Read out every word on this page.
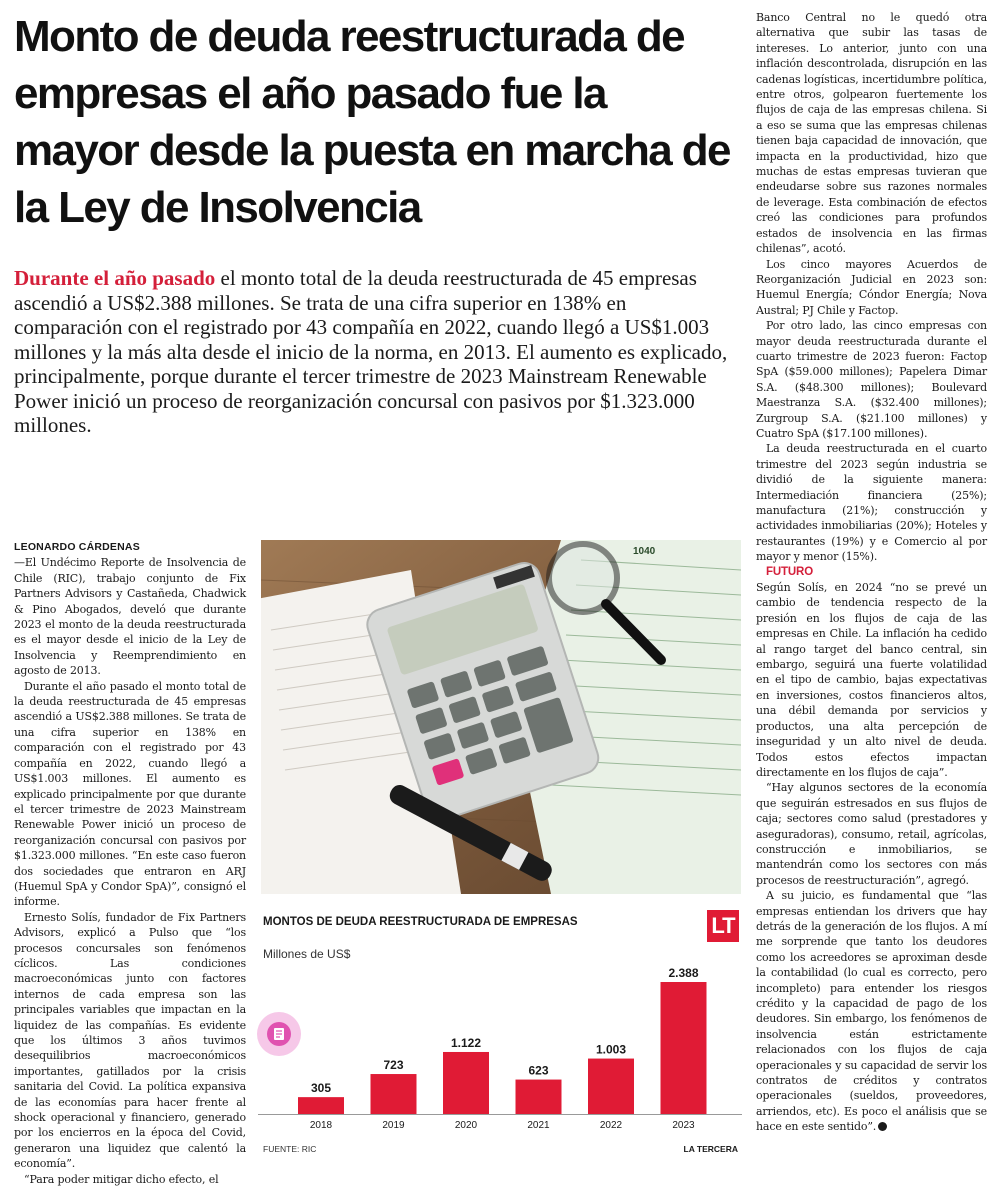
Monto de deuda reestructurada de empresas el año pasado fue la mayor desde la puesta en marcha de la Ley de Insolvencia

Durante el año pasado el monto total de la deuda reestructurada de 45 empresas ascendió a US$2.388 millones. Se trata de una cifra superior en 138% en comparación con el registrado por 43 compañía en 2022, cuando llegó a US$1.003 millones y la más alta desde el inicio de la norma, en 2013. El aumento es explicado, principalmente, porque durante el tercer trimestre de 2023 Mainstream Renewable Power inició un proceso de reorganización concursal con pasivos por $1.323.000 millones.

LEONARDO CÁRDENAS

—El Undécimo Reporte de Insolvencia de Chile (RIC), trabajo conjunto de Fix Partners Advisors y Castañeda, Chadwick & Pino Abogados, develó que durante 2023 el monto de la deuda reestructurada es el mayor desde el inicio de la Ley de Insolvencia y Reemprendimiento en agosto de 2013.

Durante el año pasado el monto total de la deuda reestructurada de 45 empresas ascendió a US$2.388 millones. Se trata de una cifra superior en 138% en comparación con el registrado por 43 compañía en 2022, cuando llegó a US$1.003 millones. El aumento es explicado principalmente por que durante el tercer trimestre de 2023 Mainstream Renewable Power inició un proceso de reorganización concursal con pasivos por $1.323.000 millones. “En este caso fueron dos sociedades que entraron en ARJ (Huemul SpA y Condor SpA)”, consignó el informe.

Ernesto Solís, fundador de Fix Partners Advisors, explicó a Pulso que “los procesos concursales son fenómenos cíclicos. Las condiciones macroeconómicas junto con factores internos de cada empresa son las principales variables que impactan en la liquidez de las compañías. Es evidente que los últimos 3 años tuvimos desequilibrios macroeconómicos importantes, gatillados por la crisis sanitaria del Covid. La política expansiva de las economías para hacer frente al shock operacional y financiero, generado por los encierros en la época del Covid, generaron una liquidez que calentó la economía”.

“Para poder mitigar dicho efecto, el

Banco Central no le quedó otra alternativa que subir las tasas de intereses. Lo anterior, junto con una inflación descontrolada, disrupción en las cadenas logísticas, incertidumbre política, entre otros, golpearon fuertemente los flujos de caja de las empresas chilena. Si a eso se suma que las empresas chilenas tienen baja capacidad de innovación, que impacta en la productividad, hizo que muchas de estas empresas tuvieran que endeudarse sobre sus razones normales de leverage. Esta combinación de efectos creó las condiciones para profundos estados de insolvencia en las firmas chilenas”, acotó.

Los cinco mayores Acuerdos de Reorganización Judicial en 2023 son: Huemul Energía; Cóndor Energía; Nova Austral; PJ Chile y Factop.

Por otro lado, las cinco empresas con mayor deuda reestructurada durante el cuarto trimestre de 2023 fueron: Factop SpA ($59.000 millones); Papelera Dimar S.A. ($48.300 millones); Boulevard Maestranza S.A. ($32.400 millones); Zurgroup S.A. ($21.100 millones) y Cuatro SpA ($17.100 millones).

La deuda reestructurada en el cuarto trimestre del 2023 según industria se dividió de la siguiente manera: Intermediación financiera (25%); manufactura (21%); construcción y actividades inmobiliarias (20%); Hoteles y restaurantes (19%) y e Comercio al por mayor y menor (15%).

FUTURO

Según Solís, en 2024 “no se prevé un cambio de tendencia respecto de la presión en los flujos de caja de las empresas en Chile. La inflación ha cedido al rango target del banco central, sin embargo, seguirá una fuerte volatilidad en el tipo de cambio, bajas expectativas en inversiones, costos financieros altos, una débil demanda por servicios y productos, una alta percepción de inseguridad y un alto nivel de deuda. Todos estos efectos impactan directamente en los flujos de caja”.

“Hay algunos sectores de la economía que seguirán estresados en sus flujos de caja; sectores como salud (prestadores y aseguradoras), consumo, retail, agrícolas, construcción e inmobiliarios, se mantendrán como los sectores con más procesos de reestructuración”, agregó.

A su juicio, es fundamental que “las empresas entiendan los drivers que hay detrás de la generación de los flujos. A mí me sorprende que tanto los deudores como los acreedores se aproximan desde la contabilidad (lo cual es correcto, pero incompleto) para entender los riesgos crédito y la capacidad de pago de los deudores. Sin embargo, los fenómenos de insolvencia están estrictamente relacionados con los flujos de caja operacionales y su capacidad de servir los contratos de créditos y contratos operacionales (sueldos, proveedores, arriendos, etc). Es poco el análisis que se hace en este sentido”.

1040
MONTOS DE DEUDA REESTRUCTURADA DE EMPRESAS	LT
Millones de US$
305
2018
723
2019
1.122
2020
623
2021
1.003
2022
2.388
2023
FUENTE: RIC	LA TERCERA
